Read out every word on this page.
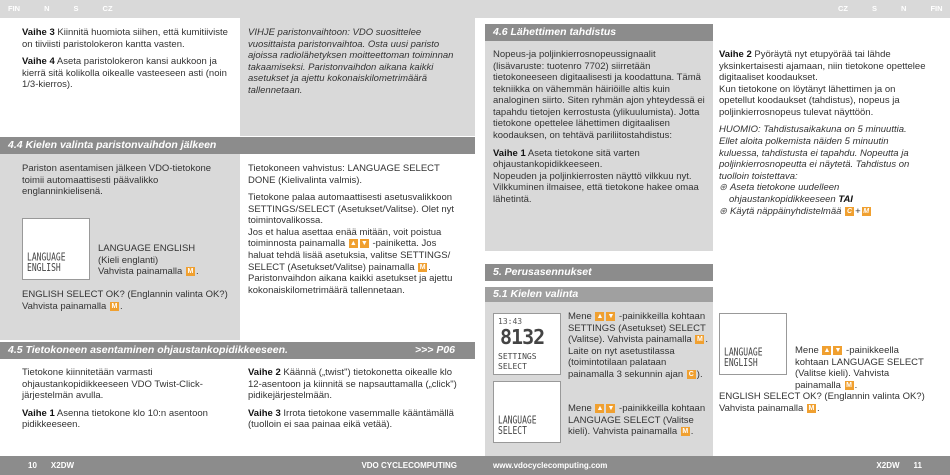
FIN	N	S	CZ

Vaihe 3 Kiinnitä huomiota siihen, että kumitiiviste on tiiviisti paristolokeron kantta vasten.

Vaihe 4 Aseta paristolokeron kansi aukkoon ja kierrä sitä kolikolla oikealle vasteeseen asti (noin 1/3-kierros).

VIHJE paristonvaihtoon: VDO suosittelee vuosittaista paristonvaihtoa. Osta uusi paristo ajoissa radiolähetyksen moitteettoman toiminnan takaamiseksi. Paristonvaihdon aikana kaikki asetukset ja ajettu kokonaiskilometrimäärä tallennetaan.
4.4 Kielen valinta paristonvaihdon jälkeen
Pariston asentamisen jälkeen VDO-tietokone toimii automaattisesti päävalikko englanninkielisenä.
LANGUAGE
ENGLISH
LANGUAGE ENGLISH
(Kieli englanti)
Vahvista painamalla M .
ENGLISH SELECT OK? (Englannin valinta OK?)
Vahvista painamalla M .

Tietokoneen vahvistus: LANGUAGE SELECT DONE (Kielivalinta valmis).

Tietokone palaa automaattisesti asetusvalikkoon SETTINGS/SELECT (Asetukset/Valitse). Olet nyt toimintovalikossa.

Jos et halua asettaa enää mitään, voit poistua toiminnosta painamalla ▲ ▼ -painiketta. Jos haluat tehdä lisää asetuksia, valitse SETTINGS/ SELECT (Asetukset/Valitse) painamalla M . Paristonvaihdon aikana kaikki asetukset ja ajettu kokonaiskilometrimäärä tallennetaan.

4.5 Tietokoneen asentaminen ohjaustankopidikkeeseen.	>>> P06

Tietokone kiinnitetään varmasti ohjaustankopidikkeeseen VDO Twist-Click-järjestelmän avulla.

Vaihe 1 Asenna tietokone klo 10:n asentoon pidikkeeseen.

Vaihe 2 Käännä („twist") tietokonetta oikealle klo 12-asentoon ja kiinnitä se napsauttamalla („click") pidikejärjestelmään.

Vaihe 3 Irrota tietokone vasemmalle kääntämällä (tuolloin ei saa painaa eikä vetää).

10 X2DW	VDO CYCLECOMPUTING
CZ	S	N	FIN
4.6 Lähettimen tahdistus

Nopeus-ja poljinkierrosnopeussignaalit (lisävaruste: tuotenro 7702) siirretään tietokoneeseen digitaalisesti ja koodattuna. Tämä tekniikka on vähemmän häiriöille altis kuin analoginen siirto. Siten ryhmän ajon yhteydessä ei tapahdu tietojen kerrostusta (ylikuulumista). Jotta tietokone opettelee lähettimen digitaalisen koodauksen, on tehtävä pariliitostahdistus:

Vaihe 1 Aseta tietokone sitä varten ohjaustankopidikkeeseen.

Nopeuden ja poljinkierrosten näyttö vilkkuu nyt. Vilkkuminen ilmaisee, että tietokone hakee omaa lähetintä.

Vaihe 2 Pyöräytä nyt etupyörää tai lähde yksinkertaisesti ajamaan, niin tietokone opettelee digitaaliset koodaukset.

Kun tietokone on löytänyt lähettimen ja on opetellut koodaukset (tahdistus), nopeus ja poljinkierrosnopeus tulevat näyttöön.

HUOMIO: Tahdistusaikakuna on 5 minuuttia. Ellet aloita polkemista näiden 5 minuutin kuluessa, tahdistusta ei tapahdu. Nopeutta ja poljinkierrosnopeutta ei näytetä. Tahdistus on tuolloin toistettava:

⊛ Aseta tietokone uudelleen ohjaustankopidikkeeseen TAI
⊛ Käytä näppäinyhdistelmää C + M
5. Perusasennukset
5.1 Kielen valinta
13:43
8132
SETTINGS
SELECT
Mene ▲ ▼ -painikkeilla kohtaan SETTINGS (Asetukset) SELECT (Valitse). Vahvista painamalla M . Laite on nyt asetustilassa (toimintotilaan palataan painamalla 3 sekunnin ajan C ).
LANGUAGE
SELECT
Mene ▲ ▼ -painikkeilla kohtaan LANGUAGE SELECT (Valitse kieli). Vahvista painamalla M .
LANGUAGE
ENGLISH
Mene ▲ ▼ -painikkeella kohtaan LANGUAGE SELECT (Valitse kieli). Vahvista painamalla M .
ENGLISH SELECT OK? (Englannin valinta OK?)
Vahvista painamalla M .
www.vdocyclecomputing.com	X2DW 11
